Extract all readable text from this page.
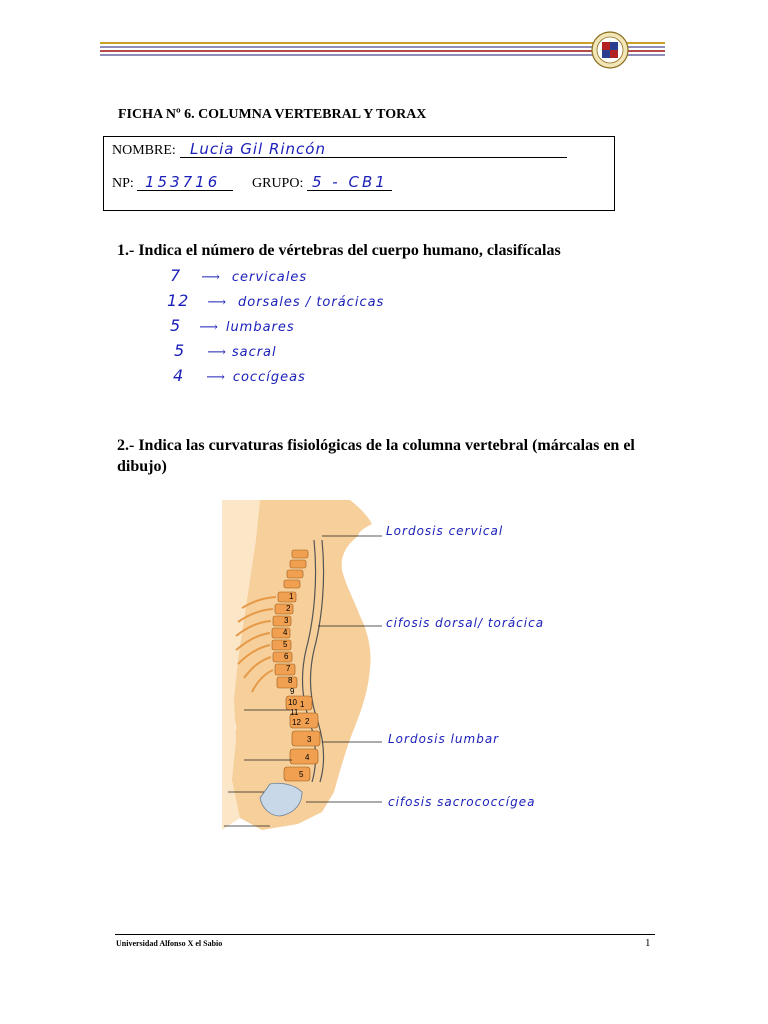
FICHA Nº 6. COLUMNA VERTEBRAL Y TORAX
NOMBRE: Lucia Gil Rincón
NP: 153716 GRUPO: 5 - CB1
1.- Indica el número de vértebras del cuerpo humano, clasifícalas
7 ⟶ cervicales
12 ⟶ dorsales / torácicas
5 ⟶ lumbares
5 ⟶ sacral
4 ⟶ coccígeas
2.- Indica las curvaturas fisiológicas de la columna vertebral (márcalas en el dibujo)
1
2
3
4
5
6
7
8
9
10
11
12
1
2
3
4
5
Lordosis cervical
cifosis dorsal/ torácica
Lordosis lumbar
cifosis sacrococcígea
Universidad Alfonso X el Sabio	1
